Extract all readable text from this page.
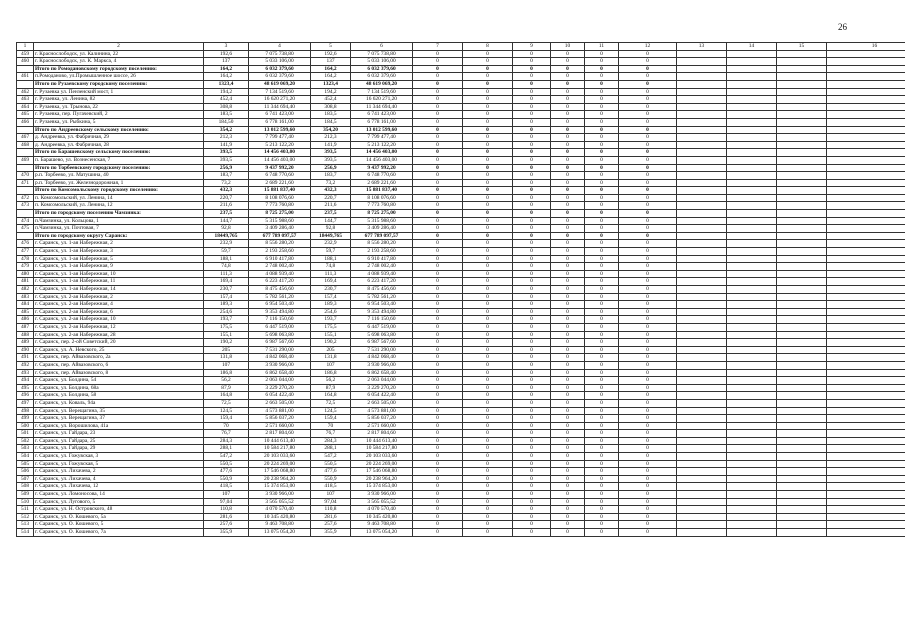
26
1	2	3	4	5	6	7	8	9	10	11	12	13	14	15	16
459	г. Краснослободск, ул. Калинина, 22	192,6	7 075 738,80	192,6	7 075 738,80	0	0	0	0	0	0				
460	г. Краснослободск, ул. К. Маркса, 4	137	5 033 106,00	137	5 033 106,00	0	0	0	0	0	0				
	Итого по Ромодановскому городскому поселению:	164,2	6 032 379,60	164,2	6 032 379,60	0	0	0	0	0	0				
461	п.Ромоданово, ул.Промышленное шоссе, 26	164,2	6 032 379,60	164,2	6 032 379,60	0	0	0	0	0	0				
	Итого по Рузаевскому городскому поселению:	1323,4	48 619 069,20	1323,4	48 619 069,20	0	0	0	0	0	0				
462	г. Рузаевка ул. Пензенский мост, 1	194,2	7 134 519,60	194,2	7 134 519,60	0	0	0	0	0	0				
463	г. Рузаевка, ул. Ленина, 82	452,4	16 620 271,20	452,4	16 620 271,20	0	0	0	0	0	0				
464	г. Рузаевка, ул. Трынова, 22	308,8	11 344 694,40	308,8	11 344 694,40	0	0	0	0	0	0				
465	г. Рузаевка, пер. Пугачевский, 2	183,5	6 741 423,00	183,5	6 741 423,00	0	0	0	0	0	0				
466	г. Рузаевка, ул. Рыбкина, 5	184,50	6 778 161,00	184,5	6 778 161,00	0	0	0	0	0	0				
	Итого по Андреевскому сельскому поселению:	354,2	13 012 599,60	354,20	13 012 599,60	0	0	0	0	0	0				
467	д. Андреевка, ул. Фабричная, 29	212,3	7 799 477,40	212,3	7 799 477,40	0	0	0	0	0	0				
468	д. Андреевка, ул. Фабричная, 28	141,9	5 213 122,20	141,9	5 213 122,20	0	0	0	0	0	0				
	Итого по Барашевскому сельскому поселению:	393,5	14 456 403,00	393,5	14 456 403,00	0	0	0	0	0	0				
469	п. Барашево, ул. Вознесенская, 7	393,5	14 456 403,00	393,5	14 456 403,00	0	0	0	0	0	0				
	Итого по Торбеевскому городскому поселению:	256,9	9 437 992,20	256,9	9 437 992,20	0	0	0	0	0	0				
470	р.п. Торбеево, ул. Матушина, 40	183,7	6 748 770,60	183,7	6 748 770,60	0	0	0	0	0	0				
471	р.п. Торбеево, ул. Железнодорожная, 1	73,2	2 689 221,60	73,2	2 689 221,60	0	0	0	0	0	0				
	Итого по Комсомольскому городскому поселению:	432,3	15 881 837,40	432,3	15 881 837,40	0	0	0	0	0	0				
472	п. Комсомольский, ул. Ленина, 14	220,7	8 108 076,60	220,7	8 108 076,60	0	0	0	0	0	0				
473	п. Комсомольский, ул. Ленина, 12	211,6	7 773 760,80	211,6	7 773 760,80	0	0	0	0	0	0				
	Итого по городскому поселению Чамзинка:	237,5	8 725 275,00	237,5	8 725 275,00	0	0	0	0	0	0				
474	п.Чамзинка, ул. Кольцова, 1	144,7	5 315 988,60	144,7	5 315 988,60	0	0	0	0	0	0				
475	п.Чамзинка, ул. Почтовая, 7	92,8	3 409 286,40	92,8	3 409 286,40	0	0	0	0	0	0				
	Итого по городскому округу Саранск:	18449,765	677 789 097,57	18449,765	677 789 097,57	0	0	0	0	0	0				
476	г. Саранск, ул. 1-ая Набережная, 2	232,9	8 556 280,20	232,9	8 556 280,20	0	0	0	0	0	0				
477	г. Саранск, ул. 1-ая Набережная, 3	59,7	2 193 258,60	59,7	2 193 258,60	0	0	0	0	0	0				
478	г. Саранск, ул. 1-ая Набережная, 5	188,1	6 910 417,80	188,1	6 910 417,80	0	0	0	0	0	0				
479	г. Саранск, ул. 1-ая Набережная, 9	74,8	2 748 002,40	74,8	2 748 002,40	0	0	0	0	0	0				
480	г. Саранск, ул. 1-ая Набережная, 10	111,3	4 088 939,40	111,3	4 088 939,40	0	0	0	0	0	0				
481	г. Саранск, ул. 1-ая Набережная, 11	169,4	6 223 417,20	169,4	6 223 417,20	0	0	0	0	0	0				
482	г. Саранск, ул. 1-ая Набережная, 14	230,7	8 475 456,60	230,7	8 475 456,60	0	0	0	0	0	0				
483	г. Саранск, ул. 2-ая Набережная, 2	157,4	5 782 561,20	157,4	5 782 561,20	0	0	0	0	0	0				
484	г. Саранск, ул. 2-ая Набережная, 4	189,3	6 954 503,40	189,3	6 954 503,40	0	0	0	0	0	0				
485	г. Саранск, ул. 2-ая Набережная, 6	254,6	9 353 494,80	254,6	9 353 494,80	0	0	0	0	0	0				
486	г. Саранск, ул. 2-ая Набережная, 10	193,7	7 116 150,60	193,7	7 116 150,60	0	0	0	0	0	0				
487	г. Саранск, ул. 2-ая Набережная, 12	175,5	6 447 519,00	175,5	6 447 519,00	0	0	0	0	0	0				
488	г. Саранск, ул. 2-ая Набережная, 28	155,1	5 698 063,80	155,1	5 698 063,80	0	0	0	0	0	0				
489	г. Саранск, пер. 2-ой Советский, 20	190,2	6 987 567,60	190,2	6 987 567,60	0	0	0	0	0	0				
490	г. Саранск, ул. А. Невского, 25	205	7 531 290,00	205	7 531 290,00	0	0	0	0	0	0				
491	г. Саранск, пер. Айвазовского, 2а	131,8	4 842 068,40	131,8	4 842 068,40	0	0	0	0	0	0				
492	г. Саранск, пер. Айвазовского, 6	107	3 930 966,00	107	3 930 966,00	0	0	0	0	0	0				
493	г. Саранск, пер. Айвазовского, 8	186,8	6 862 658,40	186,8	6 862 658,40	0	0	0	0	0	0				
494	г. Саранск, ул. Болдина, 54	56,2	2 063 044,00	56,2	2 063 044,00	0	0	0	0	0	0				
495	г. Саранск, ул. Болдина, 68а	87,9	3 229 270,20	87,9	3 229 270,20	0	0	0	0	0	0				
496	г. Саранск, ул. Болдина, 58	164,8	6 054 422,40	164,8	6 054 422,40	0	0	0	0	0	0				
497	г. Саранск, ул. Коваль, 94а	72,5	2 663 505,00	72,5	2 663 505,00	0	0	0	0	0	0				
498	г. Саранск, ул. Верещагина, 35	124,5	4 573 881,00	124,5	4 573 881,00	0	0	0	0	0	0				
499	г. Саранск, ул. Верещагина, 37	159,4	5 856 037,20	159,4	5 856 037,20	0	0	0	0	0	0				
500	г. Саранск, ул. Ворошилова, 41а	70	2 571 660,00	70	2 571 660,00	0	0	0	0	0	0				
501	г. Саранск, ул. Гайдара, 23	76,7	2 817 804,60	76,7	2 817 804,60	0	0	0	0	0	0				
502	г. Саранск, ул. Гайдара, 25	284,3	10 444 613,40	284,3	10 444 613,40	0	0	0	0	0	0				
503	г. Саранск, ул. Гайдара, 29	288,1	10 584 217,80	288,1	10 584 217,80	0	0	0	0	0	0				
504	г. Саранск, ул. Гожувская, 3	547,2	20 103 033,60	547,2	20 103 033,60	0	0	0	0	0	0				
505	г. Саранск, ул. Гожувская, 5	550,5	20 224 269,00	550,5	20 224 269,00	0	0	0	0	0	0				
506	г. Саранск, ул. Лихачева, 2	477,6	17 546 068,80	477,6	17 546 068,80	0	0	0	0	0	0				
507	г. Саранск, ул. Лихачева, 4	550,9	20 238 964,20	550,9	20 238 964,20	0	0	0	0	0	0				
508	г. Саранск, ул. Лихачева, 12	418,5	15 374 853,00	418,5	15 374 853,00	0	0	0	0	0	0				
509	г. Саранск, ул. Ломоносова, 14	107	3 930 966,00	107	3 930 966,00	0	0	0	0	0	0				
510	г. Саранск, ул. Лугового, 5	97,04	3 565 055,52	97,04	3 565 055,52	0	0	0	0	0	0				
511	г. Саранск, ул. Н. Островского, 48	110,8	4 070 570,40	110,8	4 070 570,40	0	0	0	0	0	0				
512	г. Саранск, ул. О. Кошевого, 5а	281,6	10 345 420,80	281,6	10 345 420,80	0	0	0	0	0	0				
513	г. Саранск, ул. О. Кошевого, 5	257,6	9 463 708,80	257,6	9 463 708,80	0	0	0	0	0	0				
514	г. Саранск, ул. О. Кошевого, 7а	355,9	13 075 054,20	355,9	13 075 054,20	0	0	0	0	0	0				
